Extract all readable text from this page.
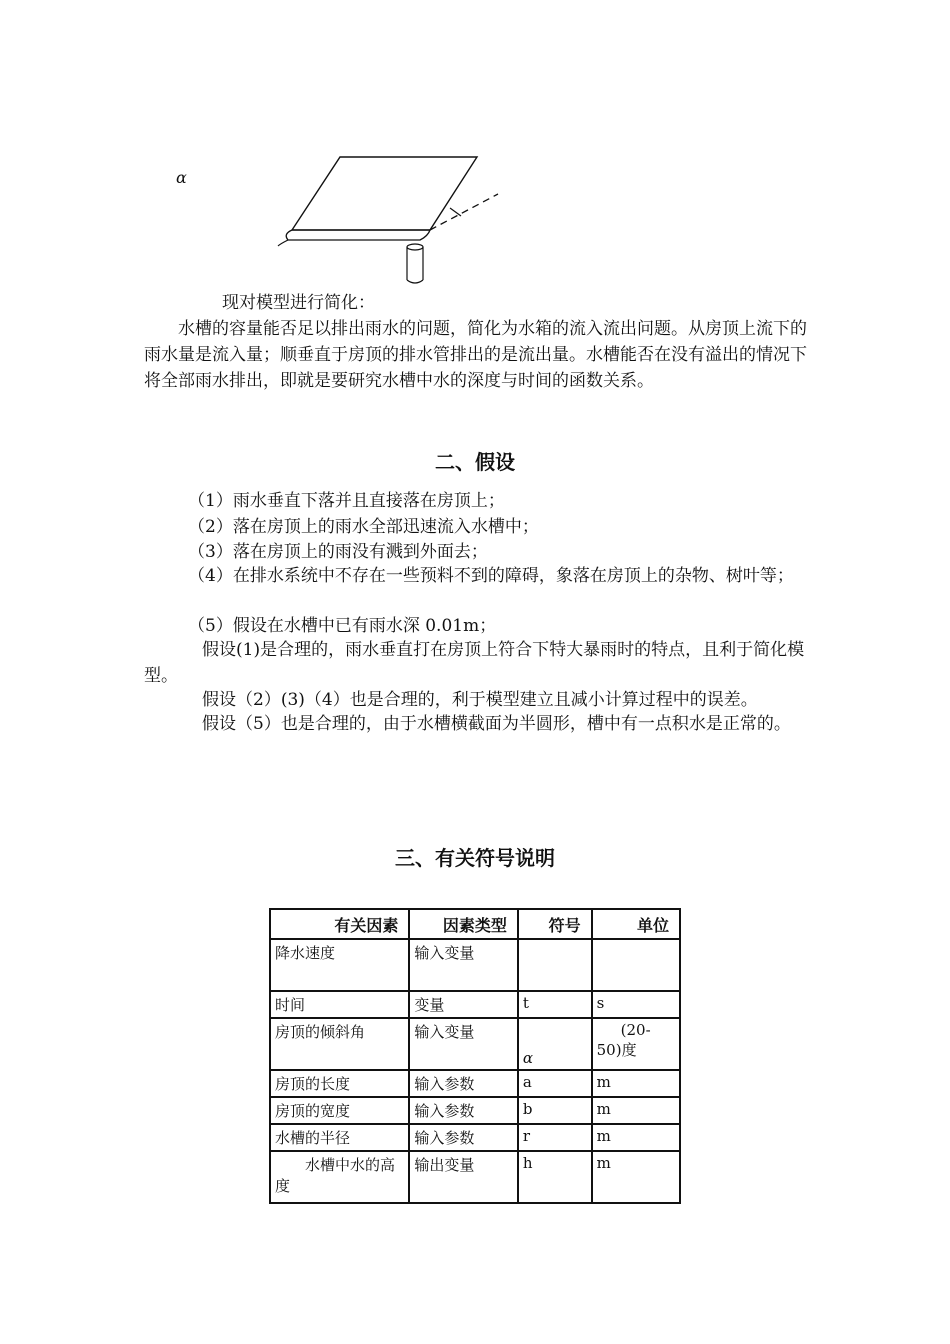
α

现对模型进行简化：

水槽的容量能否足以排出雨水的问题，简化为水箱的流入流出问题。从房顶上流下的雨水量是流入量；顺垂直于房顶的排水管排出的是流出量。水槽能否在没有溢出的情况下将全部雨水排出，即就是要研究水槽中水的深度与时间的函数关系。

二、假设

（1）雨水垂直下落并且直接落在房顶上；

（2）落在房顶上的雨水全部迅速流入水槽中；

（3）落在房顶上的雨没有溅到外面去；

（4）在排水系统中不存在一些预料不到的障碍，象落在房顶上的杂物、树叶等；

（5）假设在水槽中已有雨水深 0.01m；

假设(1)是合理的，雨水垂直打在房顶上符合下特大暴雨时的特点，且利于简化模型。

假设（2）(3)（4）也是合理的，利于模型建立且减小计算过程中的误差。

假设（5）也是合理的，由于水槽横截面为半圆形，槽中有一点积水是正常的。

三、有关符号说明
有关因素	因素类型	符号	单位
降水速度	输入变量		
时间	变量	t	s
房顶的倾斜角	输入变量	α	(20-50)度
房顶的长度	输入参数	a	m
房顶的宽度	输入参数	b	m
水槽的半径	输入参数	r	m
水槽中水的高度	输出变量	h	m
